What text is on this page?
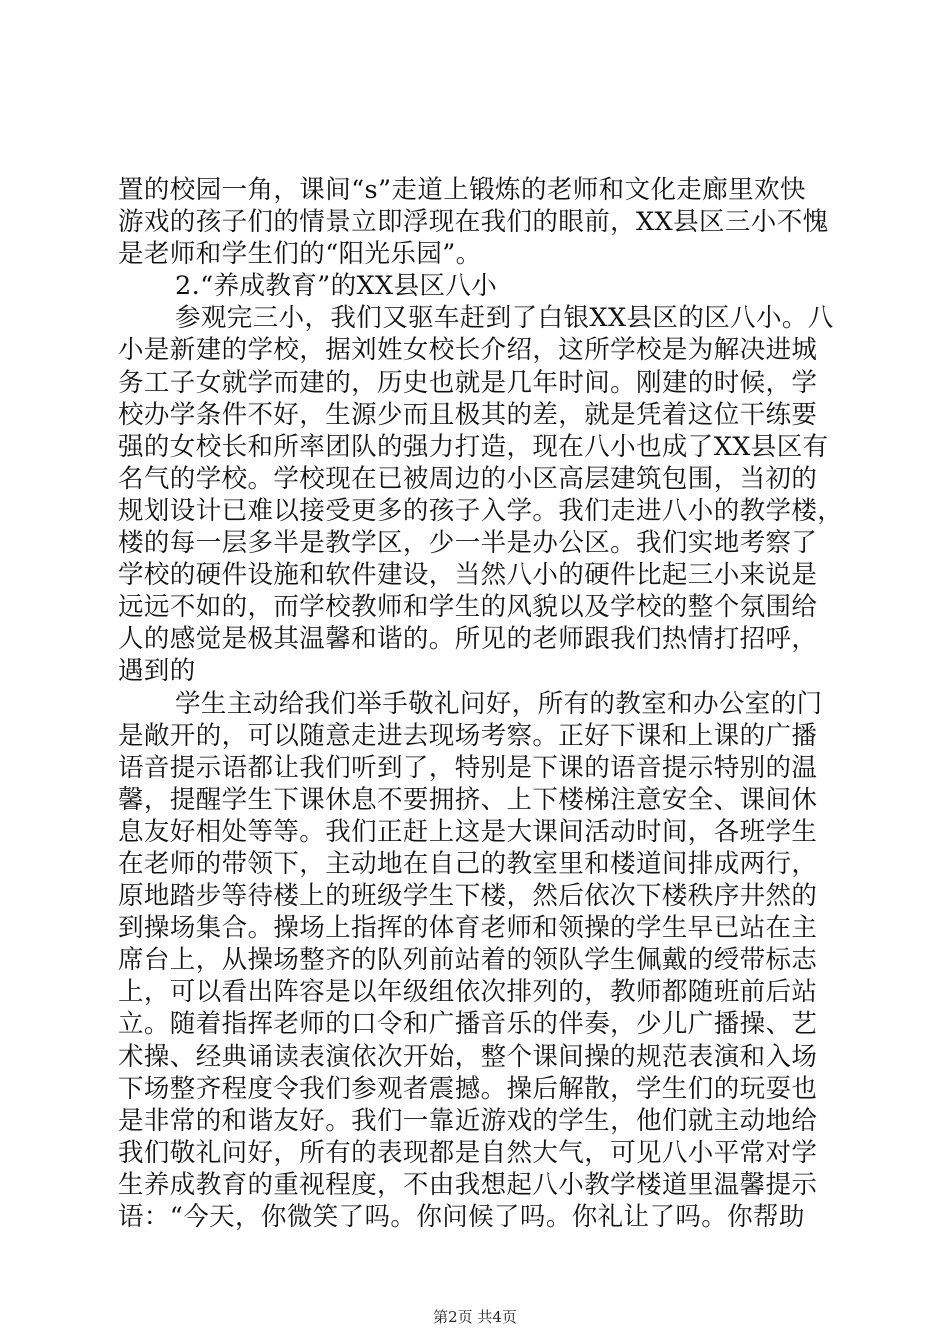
置的校园一角，课间“s”走道上锻炼的老师和文化走廊里欢快
游戏的孩子们的情景立即浮现在我们的眼前，XX县区三小不愧
是老师和学生们的“阳光乐园”。
2.“养成教育”的XX县区八小
参观完三小，我们又驱车赶到了白银XX县区的区八小。八
小是新建的学校，据刘姓女校长介绍，这所学校是为解决进城
务工子女就学而建的，历史也就是几年时间。刚建的时候，学
校办学条件不好，生源少而且极其的差，就是凭着这位干练要
强的女校长和所率团队的强力打造，现在八小也成了XX县区有
名气的学校。学校现在已被周边的小区高层建筑包围，当初的
规划设计已难以接受更多的孩子入学。我们走进八小的教学楼，
楼的每一层多半是教学区，少一半是办公区。我们实地考察了
学校的硬件设施和软件建设，当然八小的硬件比起三小来说是
远远不如的，而学校教师和学生的风貌以及学校的整个氛围给
人的感觉是极其温馨和谐的。所见的老师跟我们热情打招呼，
遇到的
学生主动给我们举手敬礼问好，所有的教室和办公室的门
是敞开的，可以随意走进去现场考察。正好下课和上课的广播
语音提示语都让我们听到了，特别是下课的语音提示特别的温
馨，提醒学生下课休息不要拥挤、上下楼梯注意安全、课间休
息友好相处等等。我们正赶上这是大课间活动时间，各班学生
在老师的带领下，主动地在自己的教室里和楼道间排成两行，
原地踏步等待楼上的班级学生下楼，然后依次下楼秩序井然的
到操场集合。操场上指挥的体育老师和领操的学生早已站在主
席台上，从操场整齐的队列前站着的领队学生佩戴的绶带标志
上，可以看出阵容是以年级组依次排列的，教师都随班前后站
立。随着指挥老师的口令和广播音乐的伴奏，少儿广播操、艺
术操、经典诵读表演依次开始，整个课间操的规范表演和入场
下场整齐程度令我们参观者震撼。操后解散，学生们的玩耍也
是非常的和谐友好。我们一靠近游戏的学生，他们就主动地给
我们敬礼问好，所有的表现都是自然大气，可见八小平常对学
生养成教育的重视程度，不由我想起八小教学楼道里温馨提示
语：“今天，你微笑了吗。你问候了吗。你礼让了吗。你帮助
第2页 共4页
